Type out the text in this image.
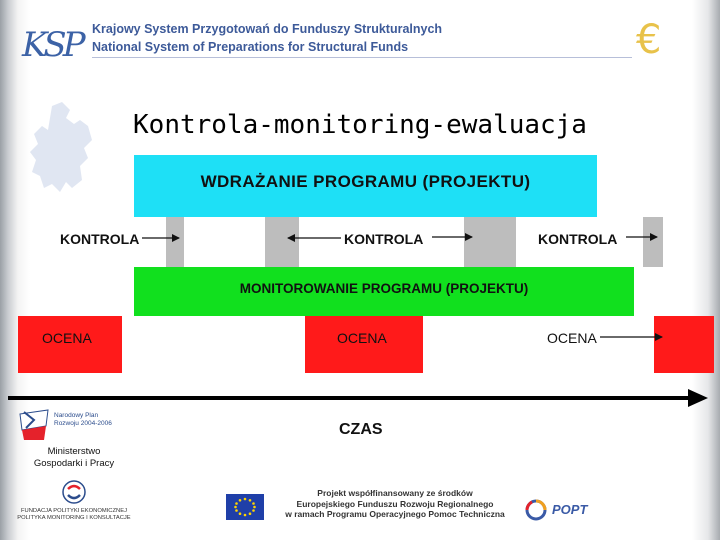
KSP Krajowy System Przygotowań do Funduszy Strukturalnych
National System of Preparations for Structural Funds	€
Kontrola-monitoring-ewaluacja
WDRAŻANIE PROGRAMU (PROJEKTU)
KONTROLA	KONTROLA	KONTROLA
MONITOROWANIE PROGRAMU (PROJEKTU)
OCENA	OCENA	OCENA
CZAS
Narodowy Plan
Rozwoju 2004-2006
Ministerstwo
Gospodarki i Pracy
FUNDACJA POLITYKI EKONOMICZNEJ
POLITYKA MONITORING I KONSULTACJE
Projekt współfinansowany ze środków
Europejskiego Funduszu Rozwoju Regionalnego
w ramach Programu Operacyjnego Pomoc Techniczna	POPT
